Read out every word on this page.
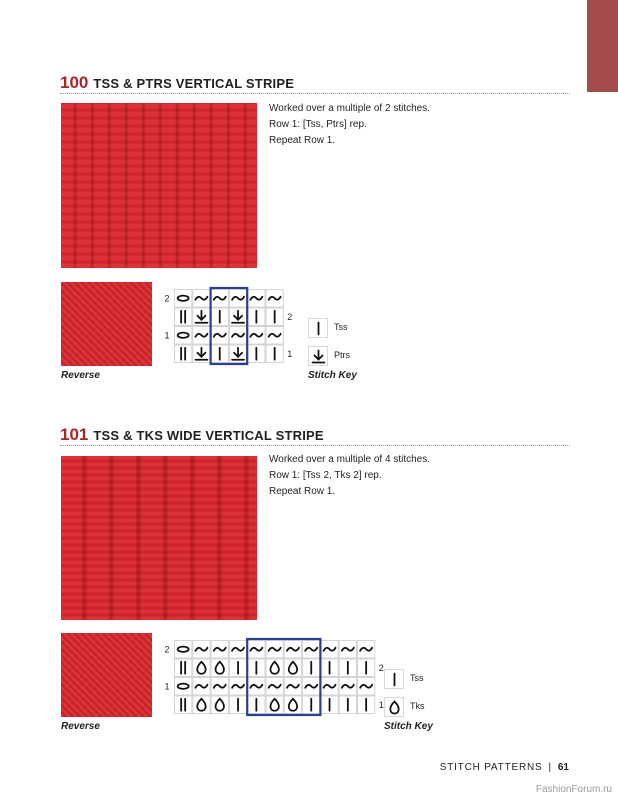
100 TSS & PTRS VERTICAL STRIPE
Worked over a multiple of 2 stitches.
Row 1: [Tss, Ptrs] rep.
Repeat Row 1.
Reverse
2
2
1
1
Tss
Ptrs
Stitch Key
101 TSS & TKS WIDE VERTICAL STRIPE
Worked over a multiple of 4 stitches.
Row 1: [Tss 2, Tks 2] rep.
Repeat Row 1.
Reverse
2
2
1
1
Tss
Tks
Stitch Key
STITCH PATTERNS | 61
FashionForum.ru
